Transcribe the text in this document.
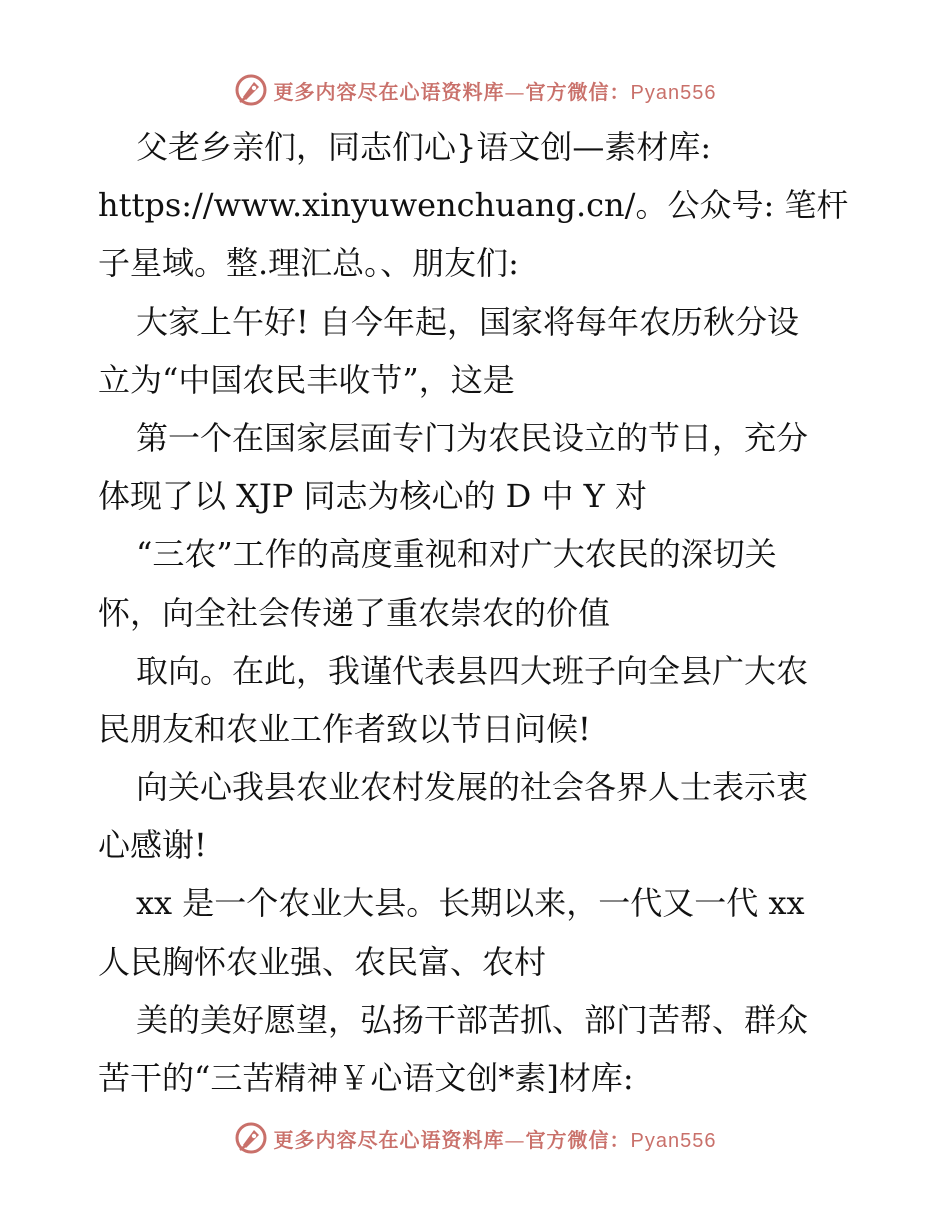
更多内容尽在心语资料库—官方微信：Pyan556
父老乡亲们，同志们心}语文创—素材库:
https://www.xinyuwenchuang.cn/。公众号: 笔杆
子星域。整.理汇总。、朋友们:
大家上午好! 自今年起，国家将每年农历秋分设
立为“中国农民丰收节”，这是
第一个在国家层面专门为农民设立的节日，充分
体现了以 XJP 同志为核心的 D 中 Y 对
“三农”工作的高度重视和对广大农民的深切关
怀，向全社会传递了重农崇农的价值
取向。在此，我谨代表县四大班子向全县广大农
民朋友和农业工作者致以节日问候!
向关心我县农业农村发展的社会各界人士表示衷
心感谢!
xx 是一个农业大县。长期以来，一代又一代 xx
人民胸怀农业强、农民富、农村
美的美好愿望，弘扬干部苦抓、部门苦帮、群众
苦干的“三苦精神￥心语文创*素]材库:
更多内容尽在心语资料库—官方微信：Pyan556
